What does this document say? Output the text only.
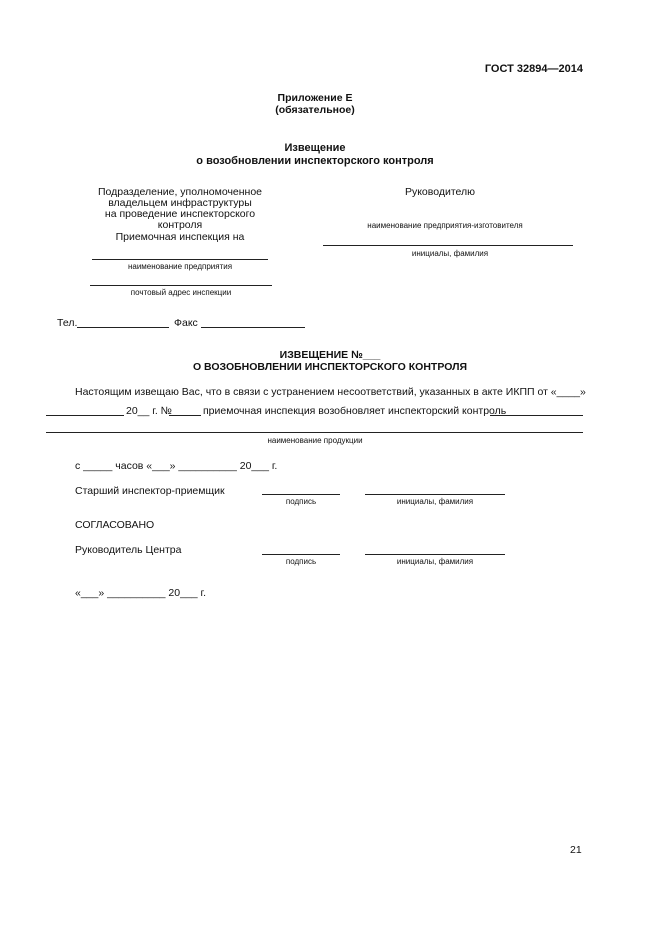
ГОСТ 32894—2014
Приложение Е
(обязательное)
Извещение
о возобновлении инспекторского контроля
Подразделение, уполномоченное
владельцем инфраструктуры
на проведение инспекторского
контроля
Приемочная инспекция на
наименование предприятия
почтовый адрес инспекции
Руководителю
наименование предприятия-изготовителя
инициалы, фамилия
Тел.	Факс
ИЗВЕЩЕНИЕ №___
О ВОЗОБНОВЛЕНИИ ИНСПЕКТОРСКОГО КОНТРОЛЯ
Настоящим извещаю Вас, что в связи с устранением несоответствий, указанных в акте ИКПП от «____»
20__ г. №	приемочная инспекция возобновляет инспекторский контроль
наименование продукции
с _____ часов «___» __________ 20___ г.
Старший инспектор-приемщик
подпись	инициалы, фамилия
СОГЛАСОВАНО
Руководитель Центра
подпись	инициалы, фамилия
«___» __________ 20___ г.
21
